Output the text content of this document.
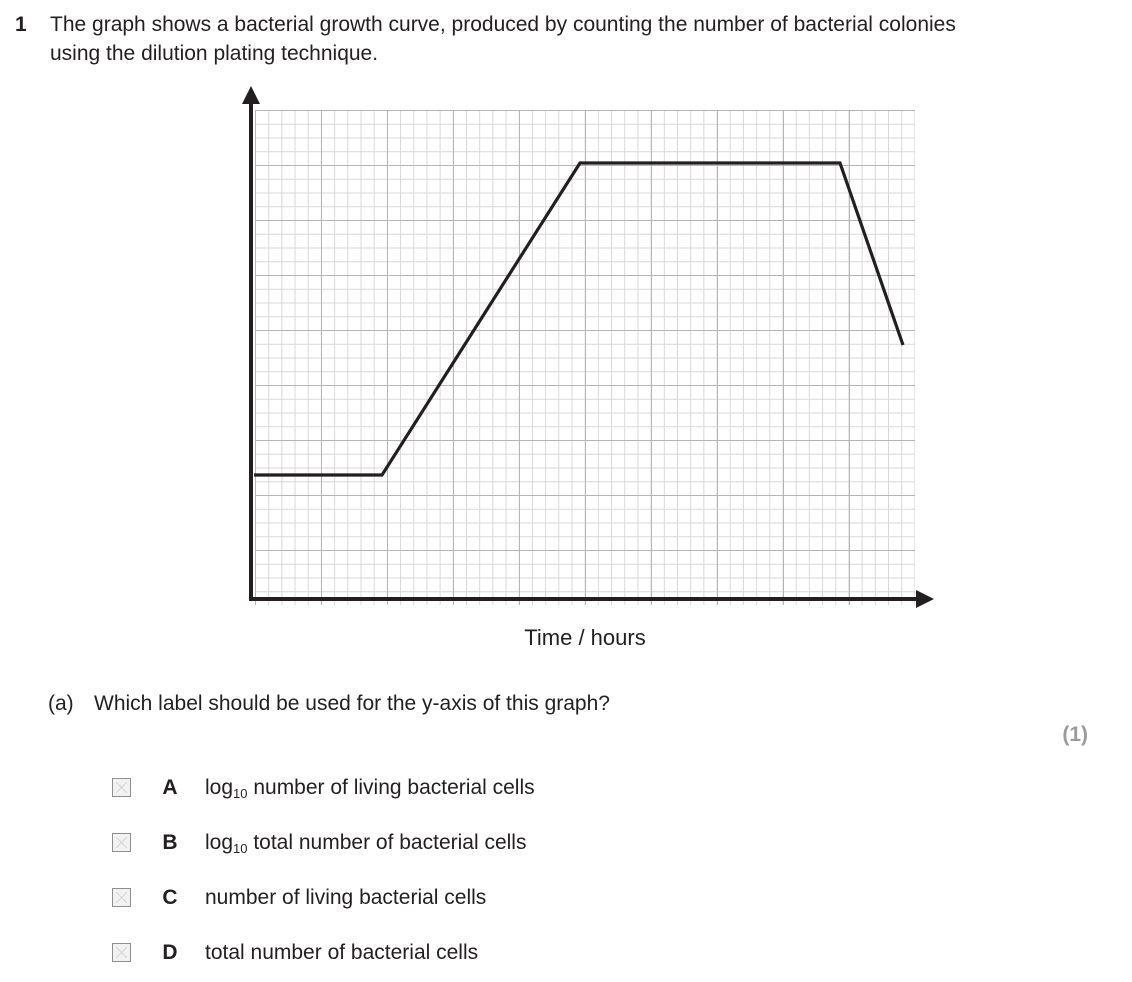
1	The graph shows a bacterial growth curve, produced by counting the number of bacterial colonies using the dilution plating technique.
Time / hours
(a) Which label should be used for the y-axis of this graph?
(1)
A	$\log_{10}$ number of living bacterial cells
B	$\log_{10}$ total number of bacterial cells
C	number of living bacterial cells
D	total number of bacterial cells
